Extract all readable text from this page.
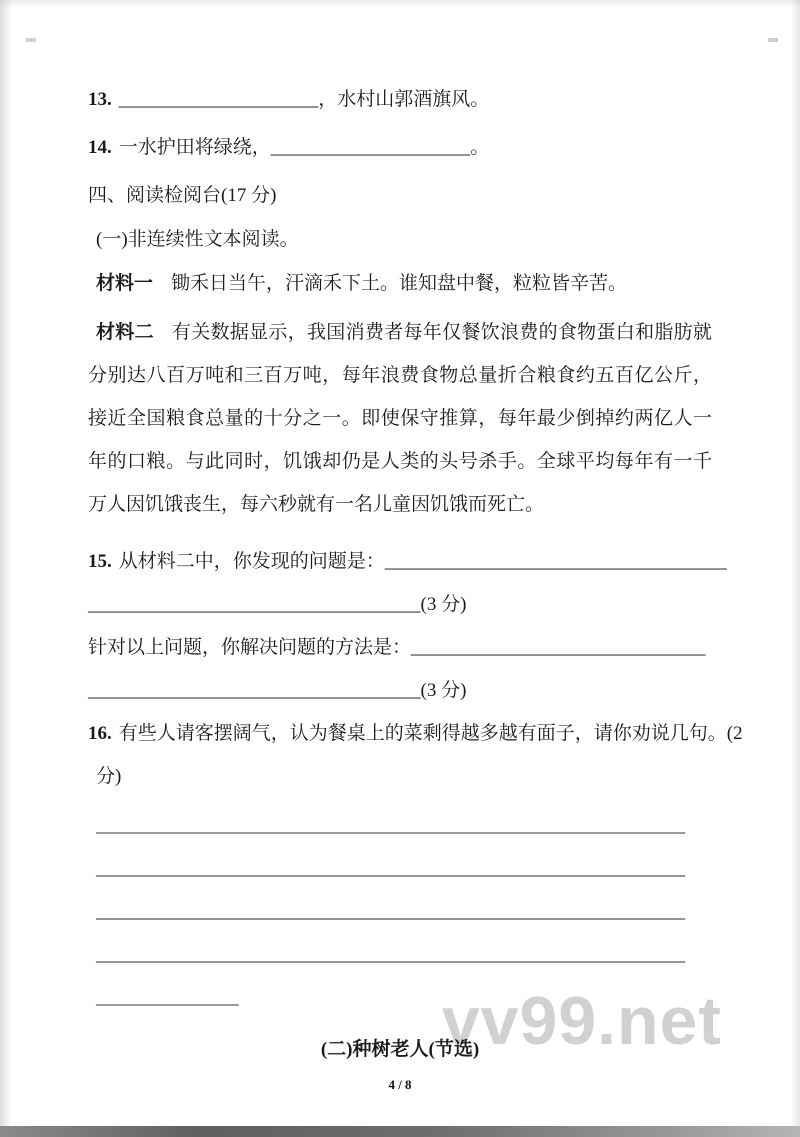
13. _____________________，水村山郭酒旗风。
14. 一水护田将绿绕，_____________________。
四、阅读检阅台(17 分)
(一)非连续性文本阅读。
材料一 锄禾日当午，汗滴禾下土。谁知盘中餐，粒粒皆辛苦。

材料二 有关数据显示，我国消费者每年仅餐饮浪费的食物蛋白和脂肪就分别达八百万吨和三百万吨，每年浪费食物总量折合粮食约五百亿公斤，接近全国粮食总量的十分之一。即使保守推算，每年最少倒掉约两亿人一年的口粮。与此同时，饥饿却仍是人类的头号杀手。全球平均每年有一千万人因饥饿丧生，每六秒就有一名儿童因饥饿而死亡。

15. 从材料二中，你发现的问题是：____________________________________
___________________________________(3 分)
针对以上问题，你解决问题的方法是：_______________________________
___________________________________(3 分)
16. 有些人请客摆阔气，认为餐桌上的菜剩得越多越有面子，请你劝说几句。(2
分)
______________________________________________________________
______________________________________________________________
______________________________________________________________
______________________________________________________________
_______________
(二)种树老人(节选)
vv99.net
4 / 8
